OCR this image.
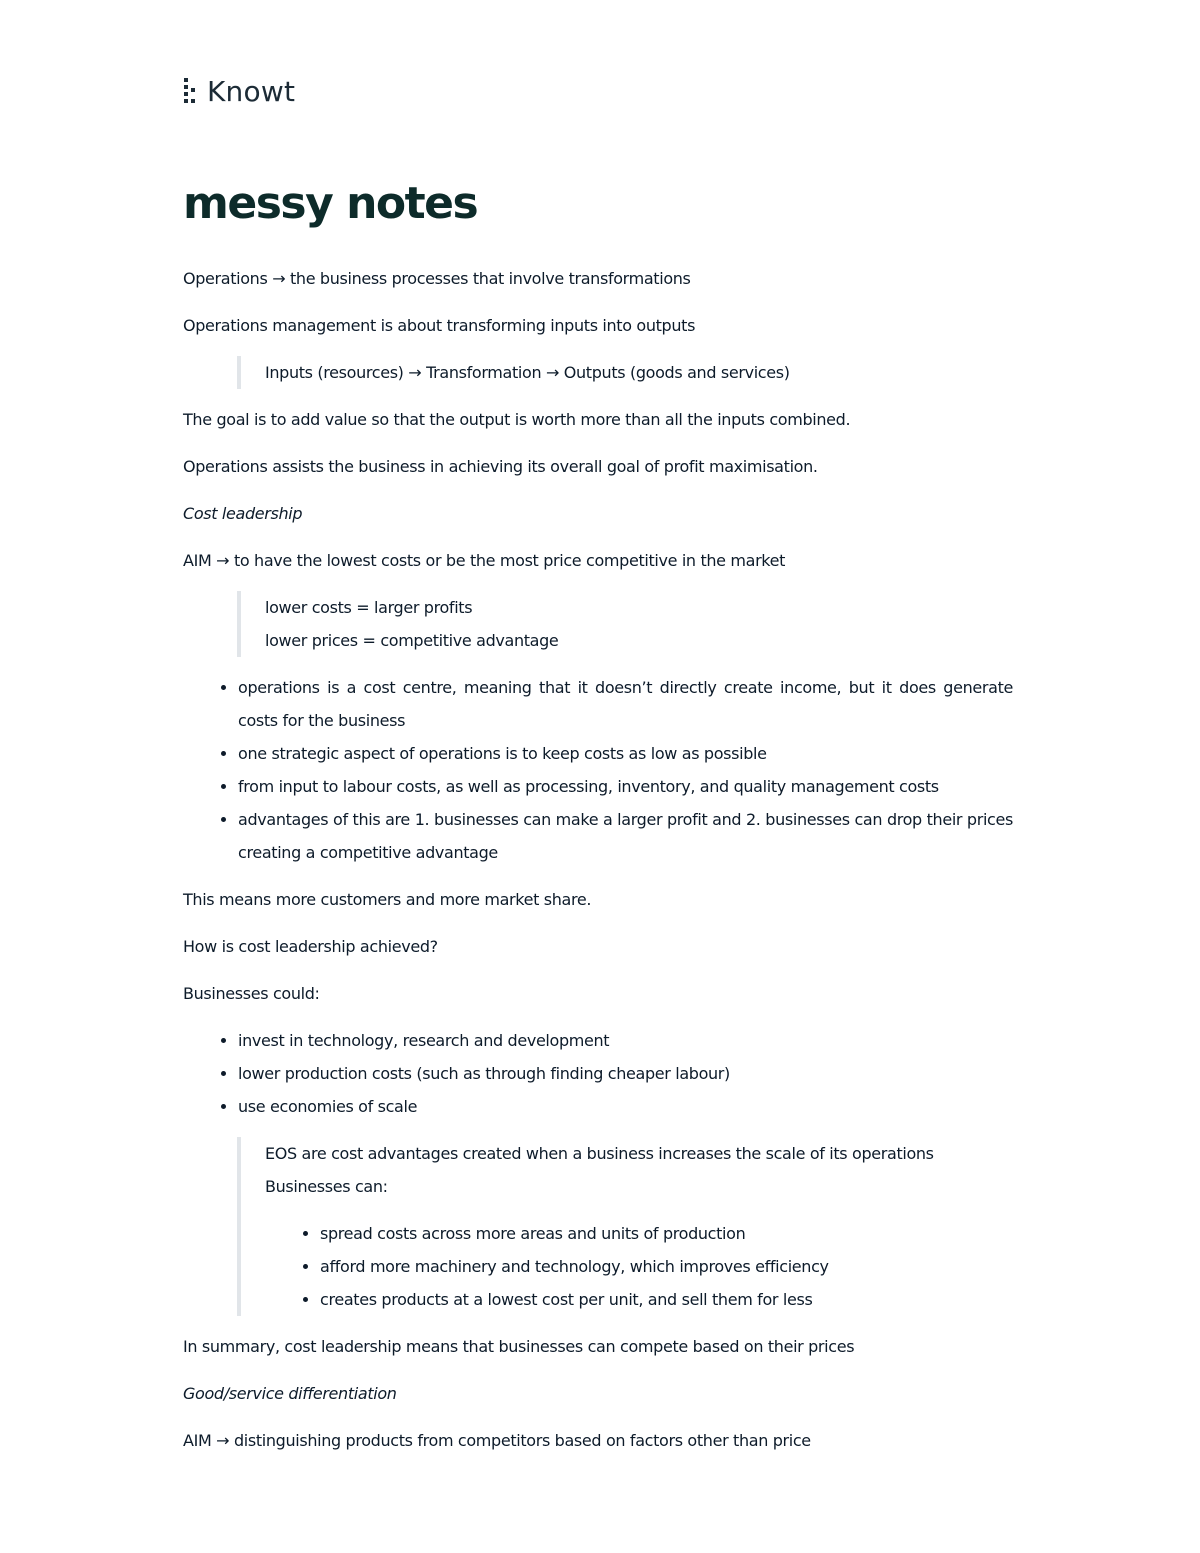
Knowt
messy notes

Operations → the business processes that involve transformations

Operations management is about transforming inputs into outputs

Inputs (resources) → Transformation → Outputs (goods and services)

The goal is to add value so that the output is worth more than all the inputs combined.

Operations assists the business in achieving its overall goal of profit maximisation.

Cost leadership

AIM → to have the lowest costs or be the most price competitive in the market

lower costs = larger profits
lower prices = competitive advantage
• operations is a cost centre, meaning that it doesn’t directly create income, but it does generate costs for the business
• one strategic aspect of operations is to keep costs as low as possible
• from input to labour costs, as well as processing, inventory, and quality management costs
• advantages of this are 1. businesses can make a larger profit and 2. businesses can drop their prices creating a competitive advantage

This means more customers and more market share.

How is cost leadership achieved?

Businesses could:

• invest in technology, research and development
• lower production costs (such as through finding cheaper labour)
• use economies of scale
EOS are cost advantages created when a business increases the scale of its operations
Businesses can:
• spread costs across more areas and units of production
• afford more machinery and technology, which improves efficiency
• creates products at a lowest cost per unit, and sell them for less

In summary, cost leadership means that businesses can compete based on their prices

Good/service differentiation

AIM → distinguishing products from competitors based on factors other than price
